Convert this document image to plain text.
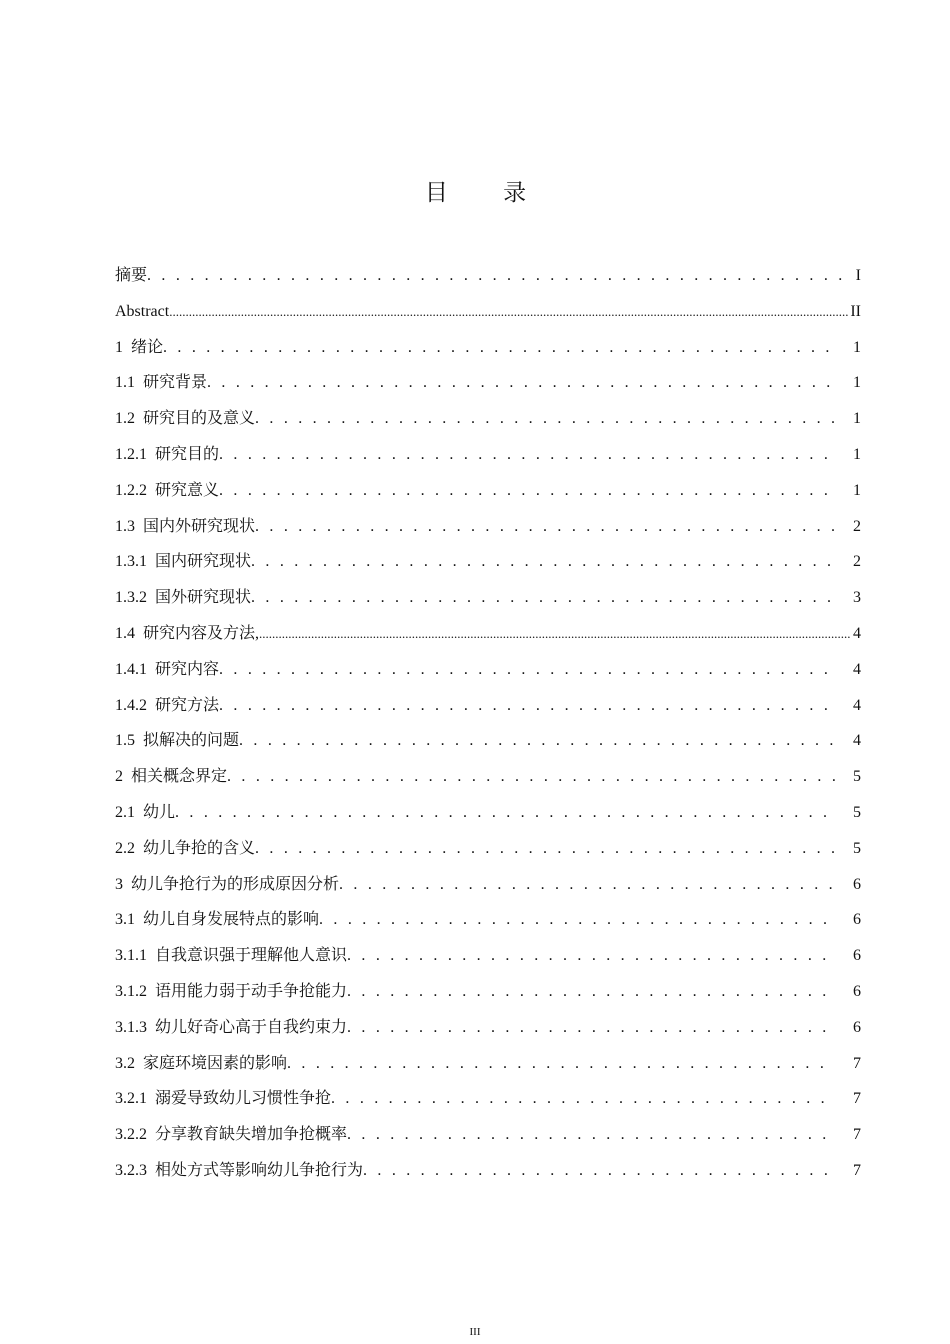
目 录
摘要 . . .	I
Abstract .....	II
1 绪论 . . .	1
1.1 研究背景 . . .	1
1.2 研究目的及意义 . . .	1
1.2.1 研究目的 . . .	1
1.2.2 研究意义 . . .	1
1.3 国内外研究现状 . . .	2
1.3.1 国内研究现状 . . .	2
1.3.2 国外研究现状 . . .	3
1.4 研究内容及方法, .....	4
1.4.1 研究内容 . . .	4
1.4.2 研究方法 . . .	4
1.5 拟解决的问题 . . .	4
2 相关概念界定 . . .	5
2.1 幼儿 . . .	5
2.2 幼儿争抢的含义 . . .	5
3 幼儿争抢行为的形成原因分析 . . .	6
3.1 幼儿自身发展特点的影响 . . .	6
3.1.1 自我意识强于理解他人意识 . . .	6
3.1.2 语用能力弱于动手争抢能力 . . .	6
3.1.3 幼儿好奇心高于自我约束力 . . .	6
3.2 家庭环境因素的影响 . . .	7
3.2.1 溺爱导致幼儿习惯性争抢 . . .	7
3.2.2 分享教育缺失增加争抢概率 . . .	7
3.2.3 相处方式等影响幼儿争抢行为 . . .	7
III
